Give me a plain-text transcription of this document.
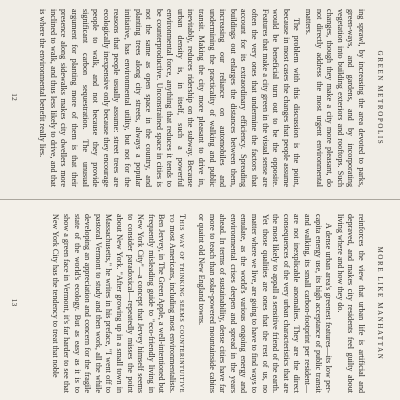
GREEN METROPOLIS

ing sprawl, by increasing the area devoted to parks, green-ways, and gardens, and by incorporating vegetation into building exteriors and rooftops. Such changes, though they make a city more pleasant, do not directly address the most urgent environmental matters.

The problem with this discussion is the point, because in most cases the changes that people assume would be beneficial turn out to be the opposite. Features that make a city green in the visual sense are often the very ones that undermine the factors that account for its extraordinary efficiency. Spreading buildings out enlarges the distances between them, increasing our reliance on automobiles and undermining the practicality of walking and public transit. Making the city more pleasant to drive in, inevitably, reduces ridership on the subway. Because urban density is, in itself, such a powerful environmental force, anything that reduces it tends to be counterproductive. Unconstrained space in cities is not the same as open space in the country, and planting trees along city streets, always a popular initiative, has environmental utility, but not for the reasons that people usually assume: street trees are ecologically inexpensive only because they encourage people to walk, and not because they provide significant carbon sequestration. The unusual argument for planting more of them is that their presence along sidewalks makes city dwellers more inclined to walk, and thus less likely to drive, and that is where the environmental benefit really lies.

12
MORE LIKE MANHATTAN

reinforces the view that urban life is artificial and depraved, and makes city residents feel guilty about living where and how they do.

A dense urban area's greenest features—its low per-capita energy use, its high acceptance of public transit and walking, its small carbon-footprint per resident—are not inexplicable anomalies. They are the direct consequences of the very urban characteristics that are the most likely to appall a sensitive friend of the earth. Yet those qualities are ones that the rest of us, no matter where we live, are going to have to find ways to emulate, as the world's various ongoing energy and environmental crises deepen and spread in the years ahead. In terms of sustainability, dense cities have far more to teach than solar-powered mountainside cabins or quaint old New England towns.

This way of thinking seems counterintuitive to most Americans, including most environmentalists. Ben Jervey, in The Green Apple, a well-intentioned but frequently misleading guide to "eco-friendly living in New York City"—a concept that Jervey himself seems to consider paradoxical—repeatedly misses the point about New York. "After growing up in a small town in Massachusetts," he writes in his preface, "I went off to pastoral Vermont to study and then work, all the while developing an appreciation and concern for the fragile state of the world's ecology. But as easy as it is to show a green face in Vermont, it's far harder to see that New York City has the tendency to treat that noble

13
